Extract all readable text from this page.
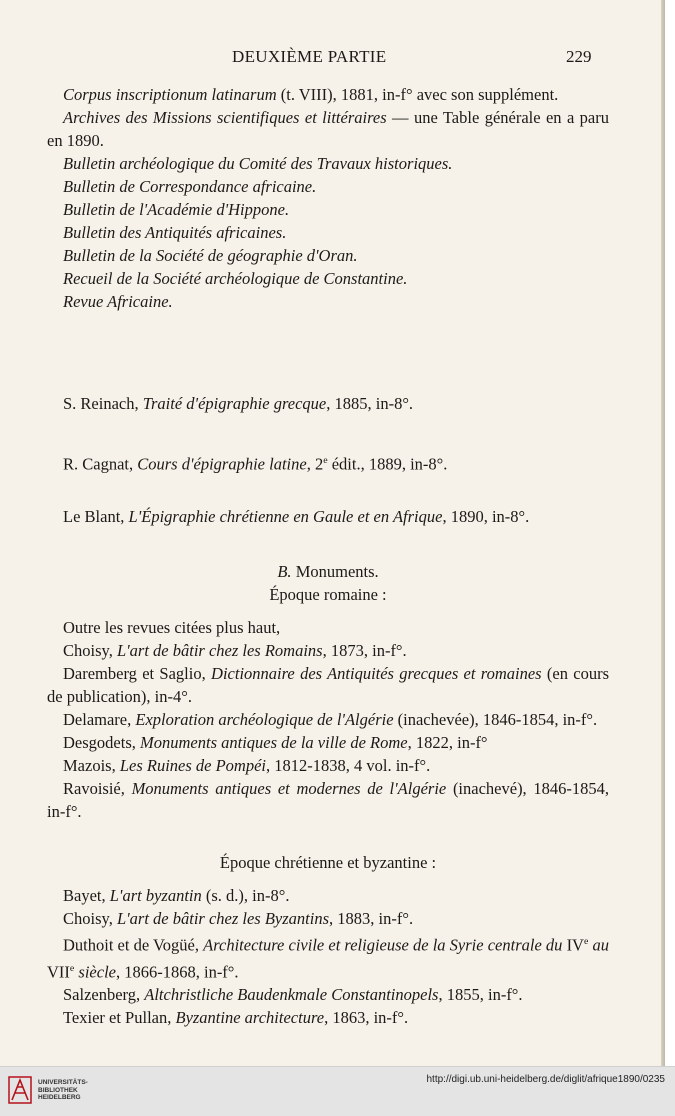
DEUXIÈME PARTIE	229

Corpus inscriptionum latinarum (t. VIII), 1881, in-f° avec son supplément.

Archives des Missions scientifiques et littéraires — une Table générale en a paru en 1890.

Bulletin archéologique du Comité des Travaux historiques.

Bulletin de Correspondance africaine.

Bulletin de l'Académie d'Hippone.

Bulletin des Antiquités africaines.

Bulletin de la Société de géographie d'Oran.

Recueil de la Société archéologique de Constantine.

Revue Africaine.

S. Reinach, Traité d'épigraphie grecque, 1885, in-8°.

R. Cagnat, Cours d'épigraphie latine, 2e édit., 1889, in-8°.

Le Blant, L'Épigraphie chrétienne en Gaule et en Afrique, 1890, in-8°.

B. Monuments.

Époque romaine :

Outre les revues citées plus haut,

Choisy, L'art de bâtir chez les Romains, 1873, in-f°.

Daremberg et Saglio, Dictionnaire des Antiquités grecques et romaines (en cours de publication), in-4°.

Delamare, Exploration archéologique de l'Algérie (inachevée), 1846-1854, in-f°.

Desgodets, Monuments antiques de la ville de Rome, 1822, in-f°

Mazois, Les Ruines de Pompéi, 1812-1838, 4 vol. in-f°.

Ravoisié, Monuments antiques et modernes de l'Algérie (inachevé), 1846-1854, in-f°.

Époque chrétienne et byzantine :

Bayet, L'art byzantin (s. d.), in-8°.

Choisy, L'art de bâtir chez les Byzantins, 1883, in-f°.

Duthoit et de Vogüé, Architecture civile et religieuse de la Syrie centrale du IVe au VIIe siècle, 1866-1868, in-f°.

Salzenberg, Altchristliche Baudenkmale Constantinopels, 1855, in-f°.

Texier et Pullan, Byzantine architecture, 1863, in-f°.

UNIVERSITÄTS-
BIBLIOTHEK
HEIDELBERG
http://digi.ub.uni-heidelberg.de/diglit/afrique1890/0235
